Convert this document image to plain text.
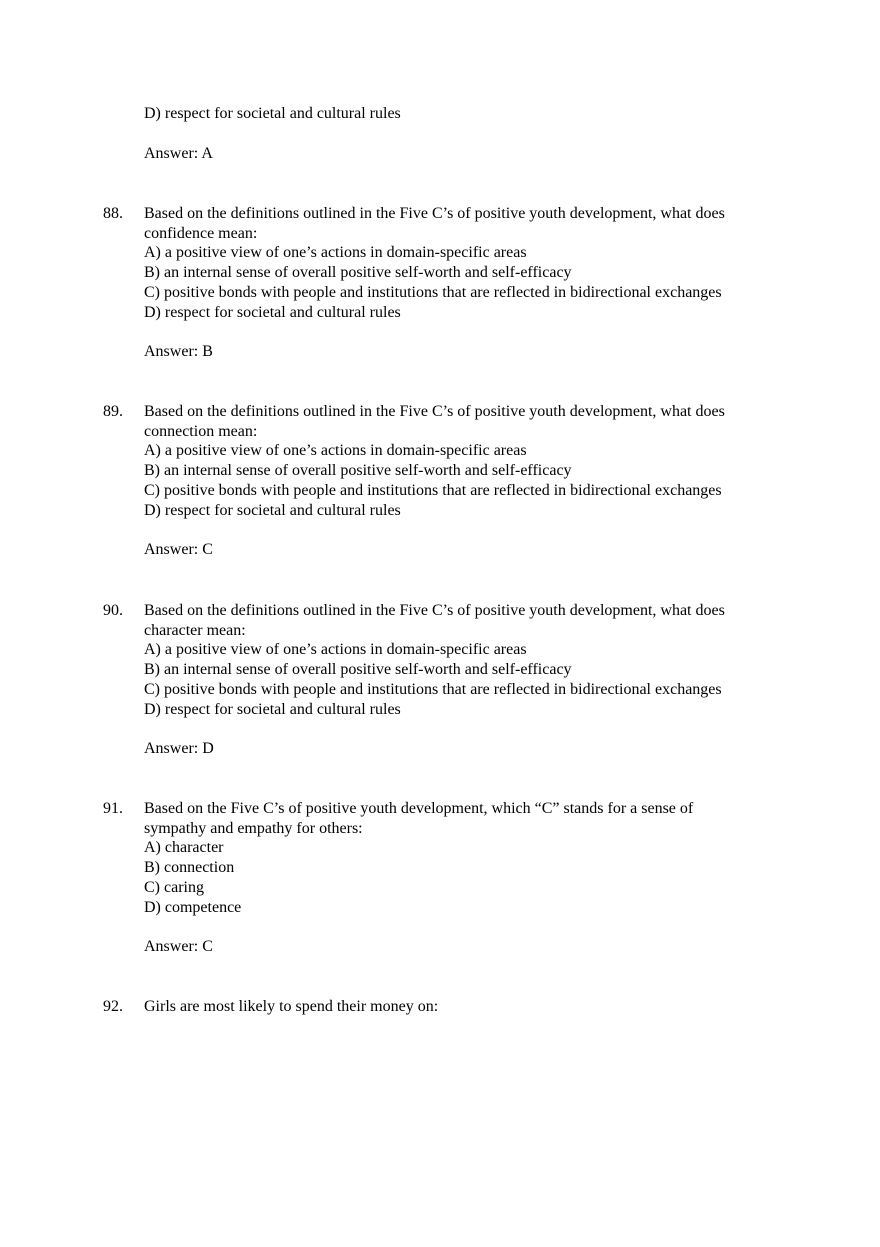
D) respect for societal and cultural rules
Answer: A
88. Based on the definitions outlined in the Five C’s of positive youth development, what does
confidence mean:
A) a positive view of one’s actions in domain-specific areas
B) an internal sense of overall positive self-worth and self-efficacy
C) positive bonds with people and institutions that are reflected in bidirectional exchanges
D) respect for societal and cultural rules
Answer: B
89. Based on the definitions outlined in the Five C’s of positive youth development, what does
connection mean:
A) a positive view of one’s actions in domain-specific areas
B) an internal sense of overall positive self-worth and self-efficacy
C) positive bonds with people and institutions that are reflected in bidirectional exchanges
D) respect for societal and cultural rules
Answer: C
90. Based on the definitions outlined in the Five C’s of positive youth development, what does
character mean:
A) a positive view of one’s actions in domain-specific areas
B) an internal sense of overall positive self-worth and self-efficacy
C) positive bonds with people and institutions that are reflected in bidirectional exchanges
D) respect for societal and cultural rules
Answer: D
91. Based on the Five C’s of positive youth development, which “C” stands for a sense of
sympathy and empathy for others:
A) character
B) connection
C) caring
D) competence
Answer: C
92. Girls are most likely to spend their money on:
